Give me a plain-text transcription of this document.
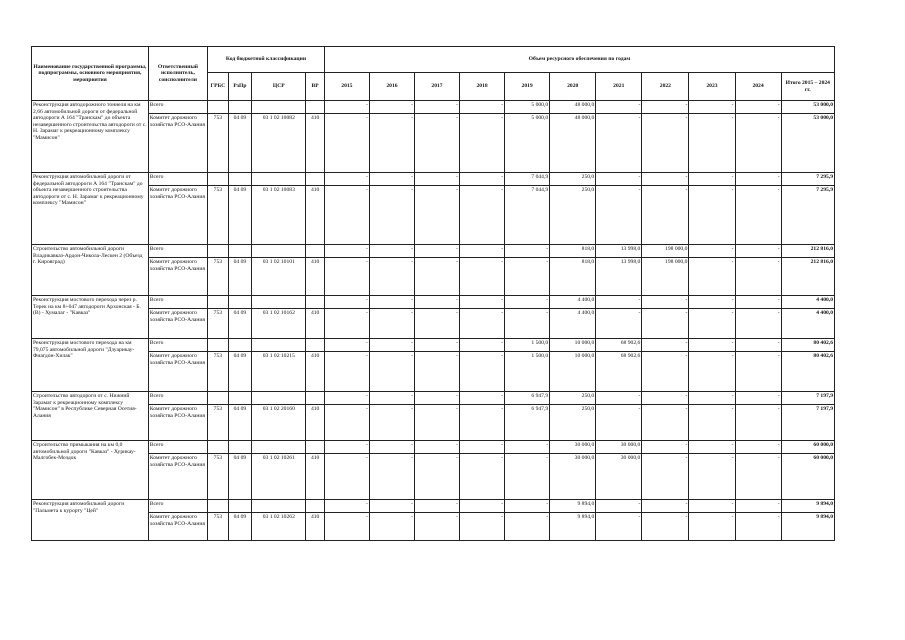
Наименование государственной программы, подпрограммы, основного мероприятия, мероприятия	Ответственный исполнитель, соисполнители	Код бюджетной классификации				Объем ресурсного обеспечения по годам										
		ГРБС	РзПр	ЦСР	ВР	2015	2016	2017	2018	2019	2020	2021	2022	2023	2024	Итого 2015 – 2024 гг.
Реконструкция автодорожного тоннеля на км 2,66 автомобильной дороги от федеральной автодороги А 164 "Транскам" до объекта незавершенного строительства автодороги от с. Н. Зарамаг к рекреационному комплексу "Мамисон"	Всего					-	-	-	-	5 000,0	48 000,0	-	-	-	-	53 000,0
	Комитет дорожного хозяйства РСО-Алания	753	04 09	03 1 02 10082	410	-	-	-	-	5 000,0	48 000,0	-	-	-	-	53 000,0
Реконструкция автомобильной дороги от федеральной автодороги А 164 "Транскам" до объекта незавершенного строительства автодороги от с. Н. Зарамаг к рекреационному комплексу "Мамисон"	Всего					-	-	-	-	7 044,9	250,0	-	-	-	-	7 295,9
	Комитет дорожного хозяйства РСО-Алания	753	04 09	03 1 02 10083	410	-	-	-	-	7 044,9	250,0	-	-	-	-	7 295,9
Строительство автомобильной дороги Владикавказ-Ардон-Чикола-Лескен 2 (Объезд г. Кировград)	Всего					-	-	-	-	-	818,0	13 998,0	198 000,0	-	-	212 816,0
	Комитет дорожного хозяйства РСО-Алания	753	04 09	03 1 02 10101	410	-	-	-	-	-	818,0	13 998,0	198 000,0	-	-	212 816,0
Реконструкция мостового перехода через р. Терек на км 8+047 автодороги Архонская - Б.(В) - Хумалаг - "Кавказ"	Всего					-	-	-	-	-	4 400,0	-	-	-	-	4 400,0
	Комитет дорожного хозяйства РСО-Алания	753	04 09	03 1 02 10162	410	-	-	-	-	-	4 400,0	-	-	-	-	4 400,0
Реконструкция мостового перехода на км 79,075 автомобильной дороги "Дзуарикау-Фиагдон-Хилак"	Всего					-	-	-	-	1 500,0	10 000,0	68 902,6	-	-	-	80 402,6
	Комитет дорожного хозяйства РСО-Алания	753	04 09	03 1 02 10215	410	-	-	-	-	1 500,0	10 000,0	68 902,6	-	-	-	80 402,6
Строительство автодороги от с. Нижний Зарамаг к рекреационному комплексу "Мамисон" в Республике Северная Осетия-Алания	Всего					-	-	-	-	6 947,9	250,0	-	-	-	-	7 197,9
	Комитет дорожного хозяйства РСО-Алания	753	04 09	03 1 02 20160	410	-	-	-	-	6 947,9	250,0	-	-	-	-	7 197,9
Строительство примыкания на км 0,0 автомобильной дороги "Кавказ" - Хурикау-Малгобек-Моздок	Всего					-	-	-	-	-	30 000,0	30 000,0	-	-	-	60 000,0
	Комитет дорожного хозяйства РСО-Алания	753	04 09	03 1 02 10261	410	-	-	-	-	-	30 000,0	30 000,0	-	-	-	60 000,0
Реконструкция автомобильной дороги "Пальмета к курорту "Цей"	Всего					-	-	-	-	-	9 894,0	-	-	-	-	9 894,0
	Комитет дорожного хозяйства РСО-Алания	753	04 09	03 1 02 10262	410	-	-	-	-	-	9 894,0	-	-	-	-	9 894,0
